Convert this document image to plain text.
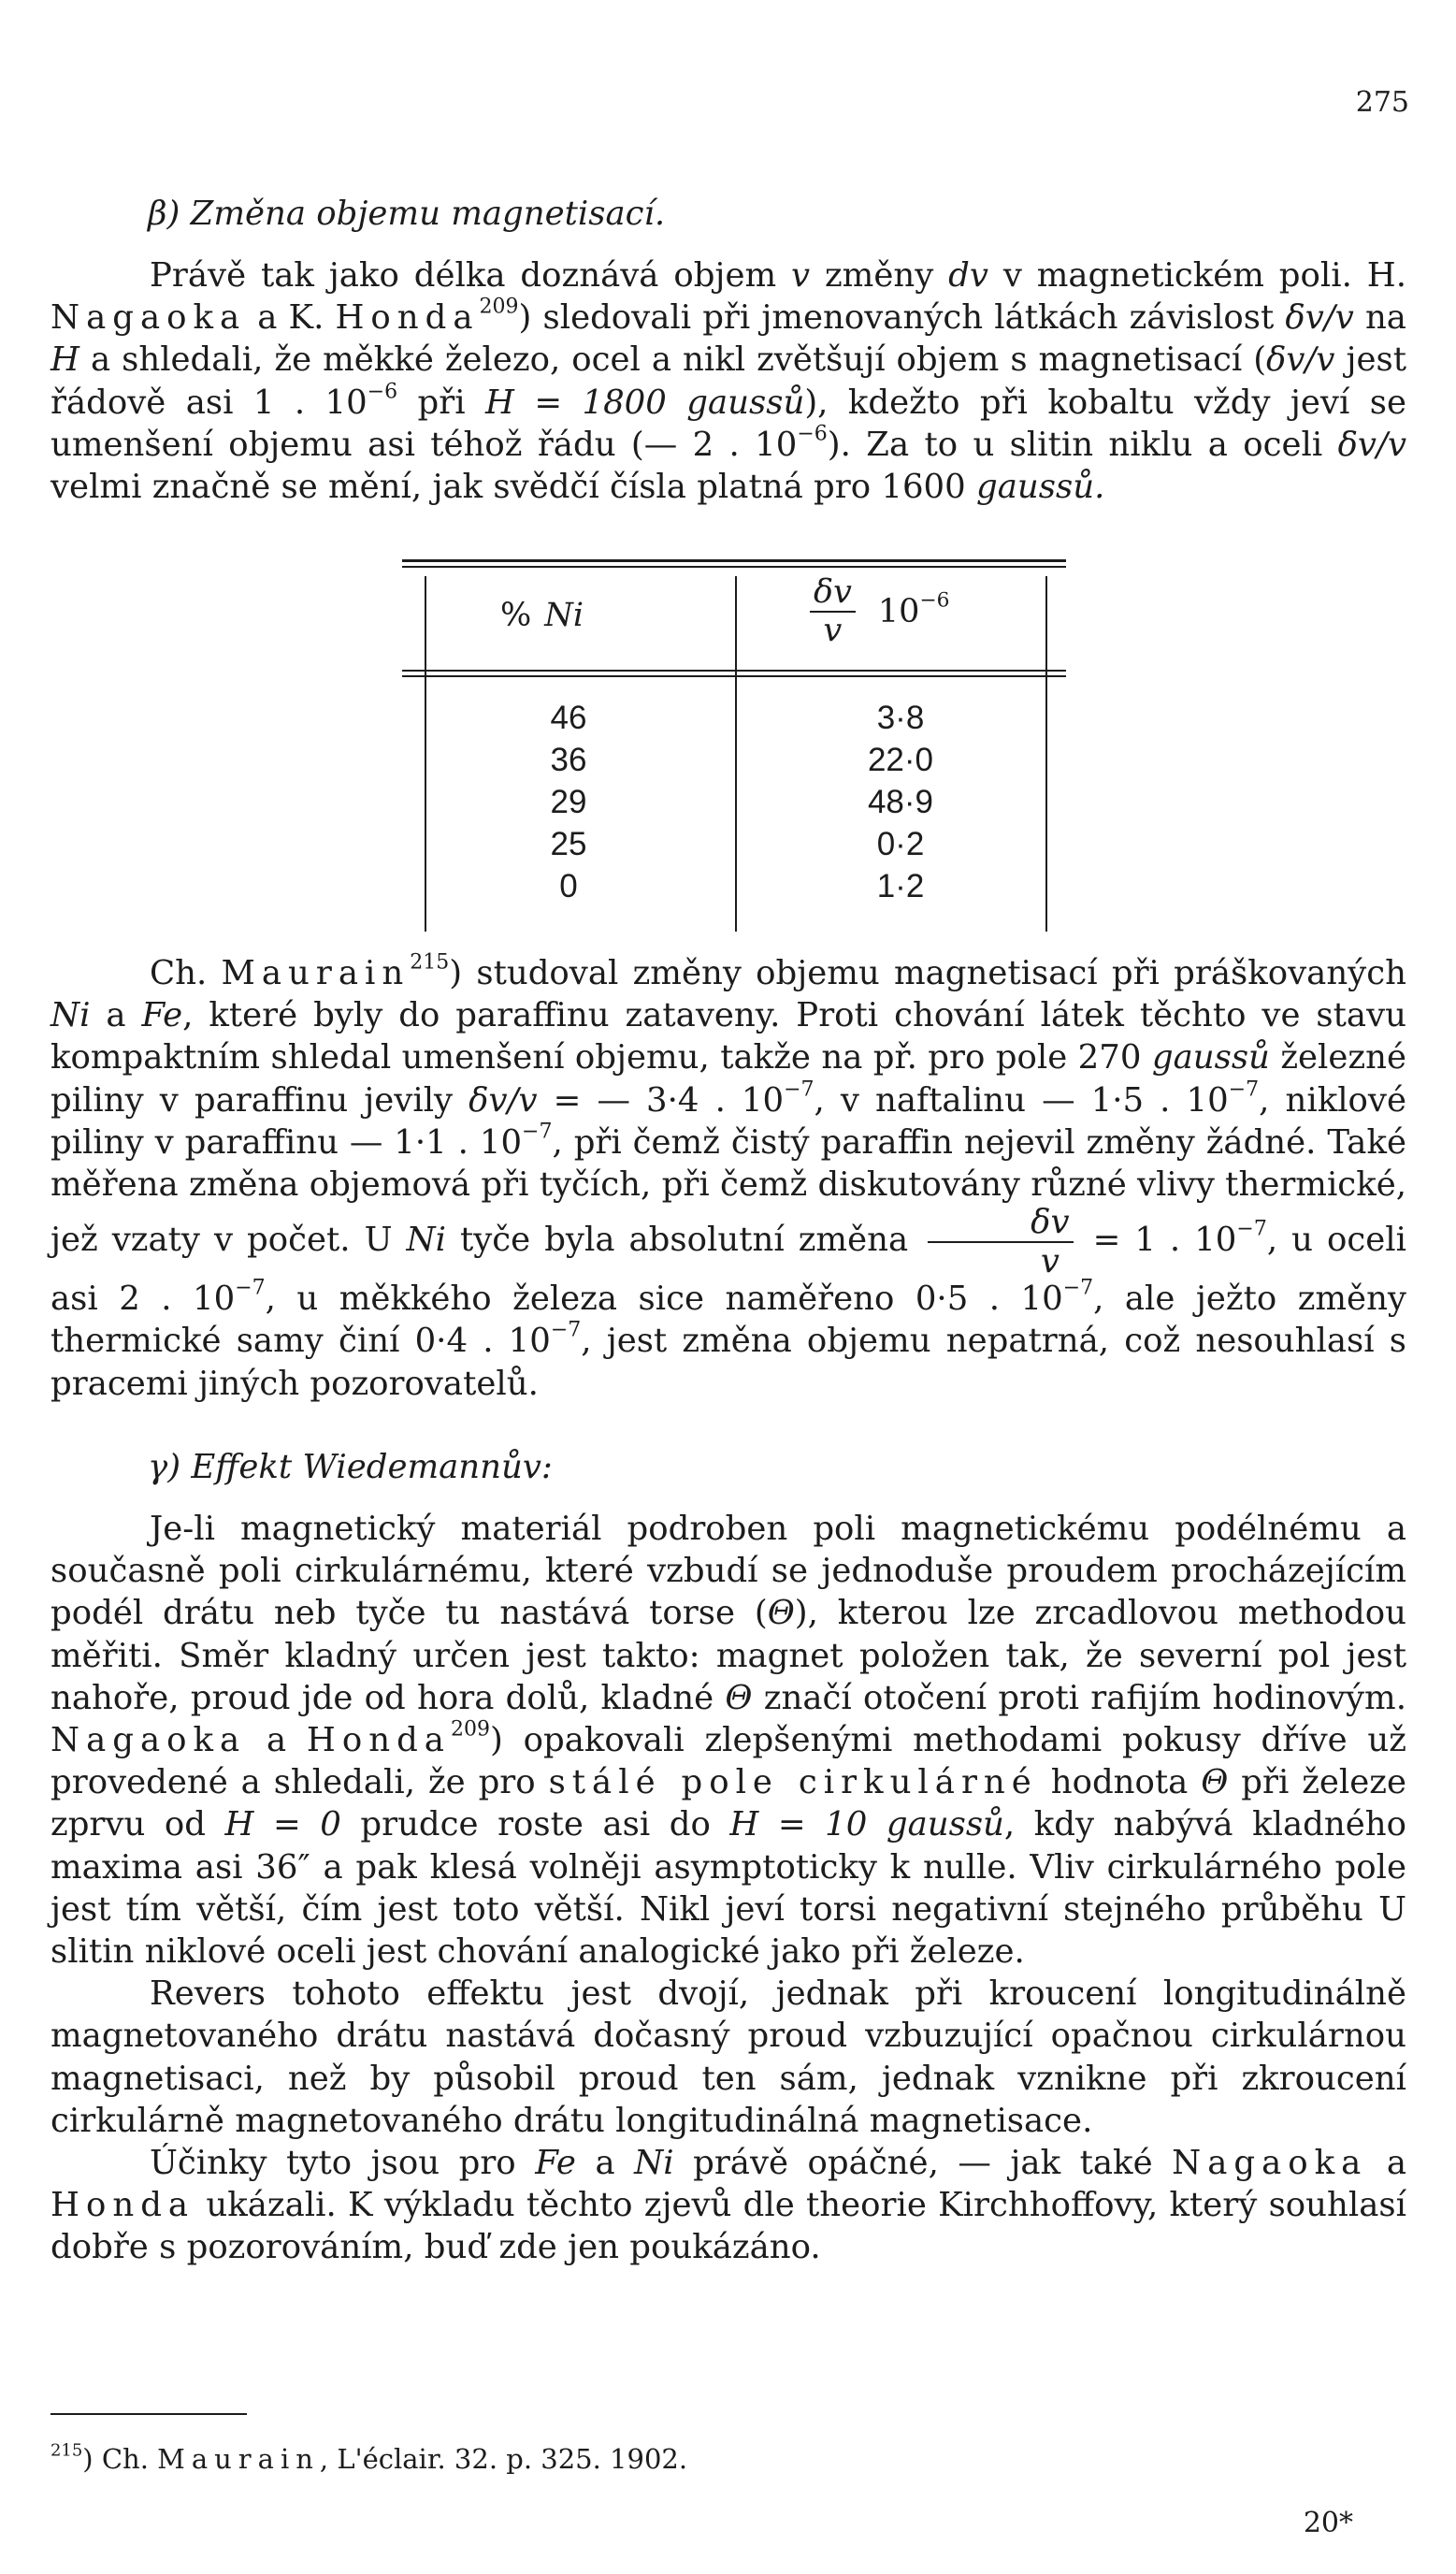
275
β) Změna objemu magnetisací.

Právě tak jako délka doznává objem v změny dv v magnetickém poli. H. Nagaoka a K. Honda$^{209}$) sledovali při jmenovaných látkách závislost δv/v na H a shledali, že měkké železo, ocel a nikl zvětšují objem s magnetisací (δv/v jest řádově asi 1 . $10^{-6}$ při H = 1800 gaussů), kdežto při kobaltu vždy jeví se umenšení objemu asi téhož řádu (— 2 . $10^{-6}$). Za to u slitin niklu a oceli δv/v velmi značně se mění, jak svědčí čísla platná pro 1600 gaussů.

% Ni	$\frac{\delta v}{v} 10^{-6}$
46	3·8
36	22·0
29	48·9
25	0·2
0	1·2

Ch. Maurain$^{215}$) studoval změny objemu magnetisací při práškovaných Ni a Fe, které byly do paraffinu zataveny. Proti chování látek těchto ve stavu kompaktním shledal umenšení objemu, takže na př. pro pole 270 gaussů železné piliny v paraffinu jevily δv/v = — 3·4 . $10^{-7}$, v naftalinu — 1·5 . $10^{-7}$, niklové piliny v paraffinu — 1·1 . $10^{-7}$, při čemž čistý paraffin nejevil změny žádné. Také měřena změna objemová při tyčích, při čemž diskutovány různé vlivy thermické, jež vzaty v počet. U Ni tyče byla absolutní změna $\frac{\delta v}{v} = 1$ . $10^{-7}$, u oceli asi 2 . $10^{-7}$, u měkkého železa sice naměřeno 0·5 . $10^{-7}$, ale ježto změny thermické samy činí 0·4 . $10^{-7}$, jest změna objemu nepatrná, což nesouhlasí s pracemi jiných pozorovatelů.

γ) Effekt Wiedemannův:

Je-li magnetický materiál podroben poli magnetickému podélnému a současně poli cirkulárnému, které vzbudí se jednoduše proudem procházejícím podél drátu neb tyče tu nastává torse (Θ), kterou lze zrcadlovou methodou měřiti. Směr kladný určen jest takto: magnet položen tak, že severní pol jest nahoře, proud jde od hora dolů, kladné Θ značí otočení proti rafijím hodinovým. Nagaoka a Honda$^{209}$) opakovali zlepšenými methodami pokusy dříve už provedené a shledali, že pro stálé pole cirkulárné hodnota Θ při železe zprvu od H = 0 prudce roste asi do H = 10 gaussů, kdy nabývá kladného maxima asi 36″ a pak klesá volněji asymptoticky k nulle. Vliv cirkulárného pole jest tím větší, čím jest toto větší. Nikl jeví torsi negativní stejného průběhu U slitin niklové oceli jest chování analogické jako při železe.

Revers tohoto effektu jest dvojí, jednak při kroucení longitudinálně magnetovaného drátu nastává dočasný proud vzbuzující opačnou cirkulárnou magnetisaci, než by působil proud ten sám, jednak vznikne při zkroucení cirkulárně magnetovaného drátu longitudinálná magnetisace.

Účinky tyto jsou pro Fe a Ni právě opáčné, — jak také Nagaoka a Honda ukázali. K výkladu těchto zjevů dle theorie Kirchhoffovy, který souhlasí dobře s pozorováním, buď zde jen poukázáno.

$^{215}$) Ch. Maurain, L'éclair. 32. p. 325. 1902.
20*
